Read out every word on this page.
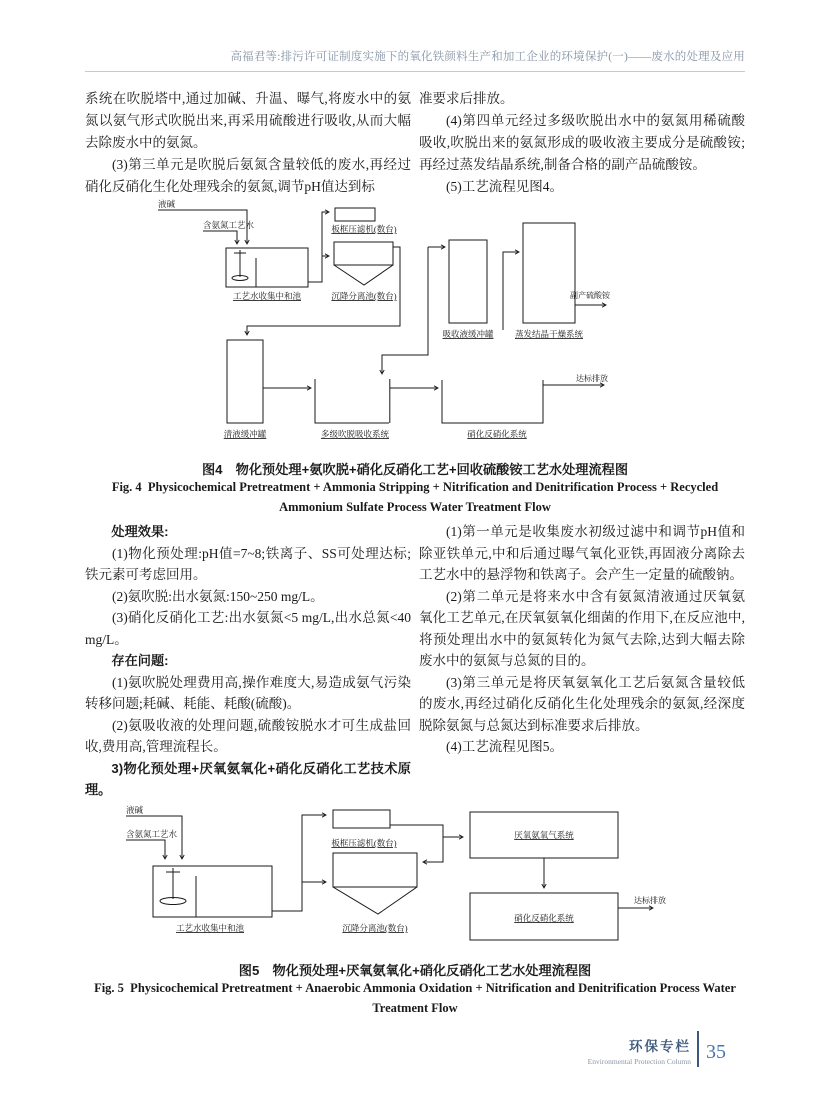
高福君等:排污许可证制度实施下的氧化铁颜料生产和加工企业的环境保护(一)——废水的处理及应用

系统在吹脱塔中,通过加碱、升温、曝气,将废水中的氨氮以氨气形式吹脱出来,再采用硫酸进行吸收,从而大幅去除废水中的氨氮。

(3)第三单元是吹脱后氨氮含量较低的废水,再经过硝化反硝化生化处理残余的氨氮,调节pH值达到标

准要求后排放。

(4)第四单元经过多级吹脱出水中的氨氮用稀硫酸吸收,吹脱出来的氨氮形成的吸收液主要成分是硫酸铵;再经过蒸发结晶系统,制备合格的副产品硫酸铵。

(5)工艺流程见图4。

液碱
含氨氮工艺水
工艺水收集中和池
板框压滤机(数台)
沉降分离池(数台)
清液缓冲罐	多级吹脱吸收系统
吸收液缓冲罐	蒸发结晶干燥系统
副产硫酸铵
硝化反硝化系统
达标排放
图4　物化预处理+氨吹脱+硝化反硝化工艺+回收硫酸铵工艺水处理流程图
Fig. 4  Physicochemical Pretreatment + Ammonia Stripping + Nitrification and Denitrification Process + Recycled
Ammonium Sulfate Process Water Treatment Flow

处理效果:

(1)物化预处理:pH值=7~8;铁离子、SS可处理达标;铁元素可考虑回用。

(2)氨吹脱:出水氨氮:150~250 mg/L。

(3)硝化反硝化工艺:出水氨氮<5 mg/L,出水总氮<40 mg/L。

存在问题:

(1)氨吹脱处理费用高,操作难度大,易造成氨气污染转移问题;耗碱、耗能、耗酸(硫酸)。

(2)氨吸收液的处理问题,硫酸铵脱水才可生成盐回收,费用高,管理流程长。

3)物化预处理+厌氧氨氧化+硝化反硝化工艺技术原理。

(1)第一单元是收集废水初级过滤中和调节pH值和除亚铁单元,中和后通过曝气氧化亚铁,再固液分离除去工艺水中的悬浮物和铁离子。会产生一定量的硫酸钠。

(2)第二单元是将来水中含有氨氮清液通过厌氧氨氧化工艺单元,在厌氧氨氧化细菌的作用下,在反应池中,将预处理出水中的氨氮转化为氮气去除,达到大幅去除废水中的氨氮与总氮的目的。

(3)第三单元是将厌氧氨氧化工艺后氨氮含量较低的废水,再经过硝化反硝化生化处理残余的氨氮,经深度脱除氨氮与总氮达到标准要求后排放。

(4)工艺流程见图5。

液碱
含氨氮工艺水
工艺水收集中和池
板框压滤机(数台)
沉降分离池(数台)
厌氧氨氧气系统
硝化反硝化系统
达标排放
图5　物化预处理+厌氧氨氧化+硝化反硝化工艺水处理流程图
Fig. 5  Physicochemical Pretreatment + Anaerobic Ammonia Oxidation + Nitrification and Denitrification Process Water
Treatment Flow
环保专栏
Environmental Protection Column 35
